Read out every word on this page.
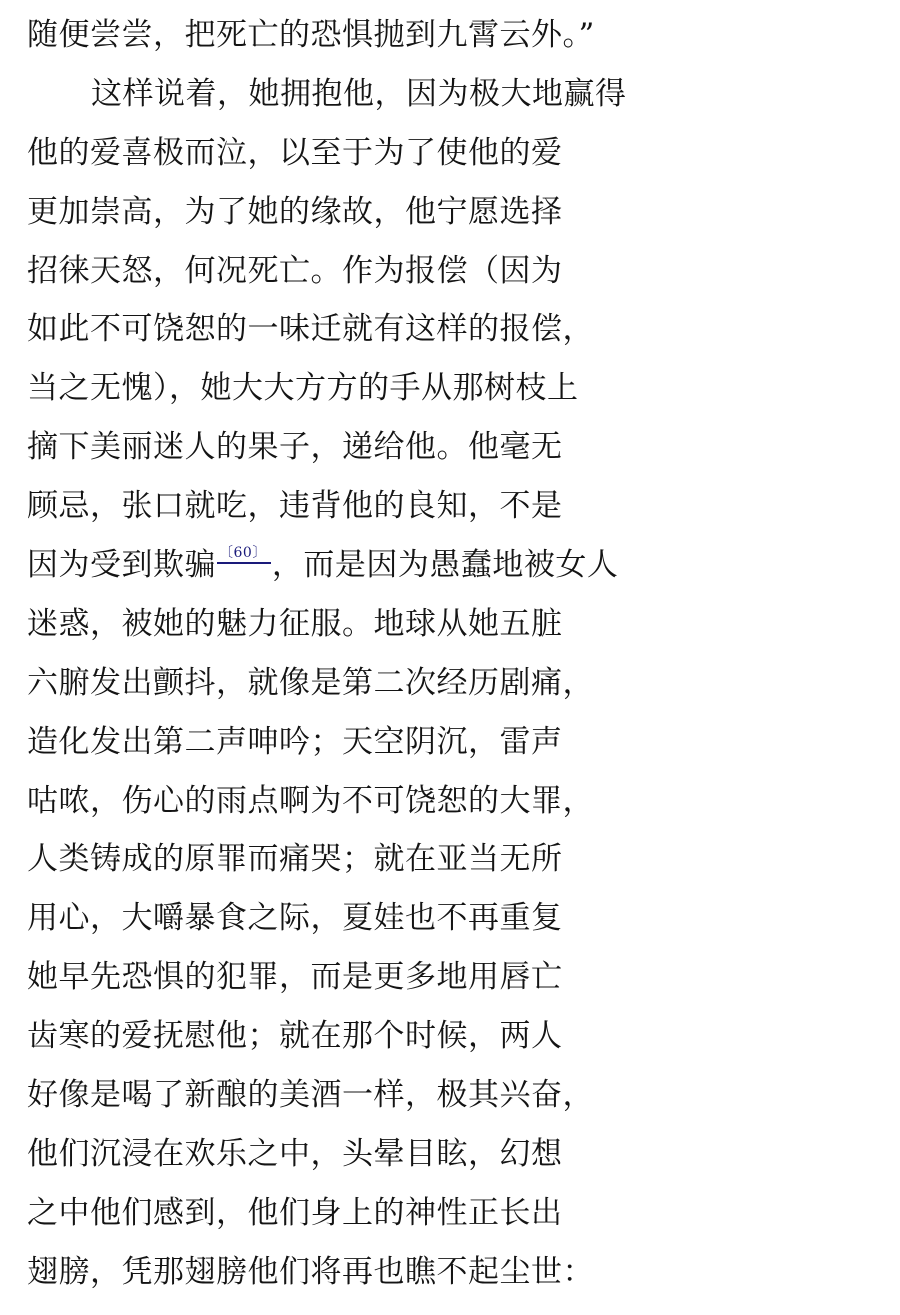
随便尝尝，把死亡的恐惧抛到九霄云外。”
这样说着，她拥抱他，因为极大地赢得
他的爱喜极而泣，以至于为了使他的爱
更加崇高，为了她的缘故，他宁愿选择
招徕天怒，何况死亡。作为报偿（因为
如此不可饶恕的一味迁就有这样的报偿，
当之无愧），她大大方方的手从那树枝上
摘下美丽迷人的果子，递给他。他毫无
顾忌，张口就吃，违背他的良知，不是
因为受到欺骗 〔60〕 ，而是因为愚蠢地被女人
迷惑，被她的魅力征服。地球从她五脏
六腑发出颤抖，就像是第二次经历剧痛，
造化发出第二声呻吟；天空阴沉，雷声
咕哝，伤心的雨点啊为不可饶恕的大罪，
人类铸成的原罪而痛哭；就在亚当无所
用心，大嚼暴食之际，夏娃也不再重复
她早先恐惧的犯罪，而是更多地用唇亡
齿寒的爱抚慰他；就在那个时候，两人
好像是喝了新酿的美酒一样，极其兴奋，
他们沉浸在欢乐之中，头晕目眩，幻想
之中他们感到，他们身上的神性正长出
翅膀，凭那翅膀他们将再也瞧不起尘世：
